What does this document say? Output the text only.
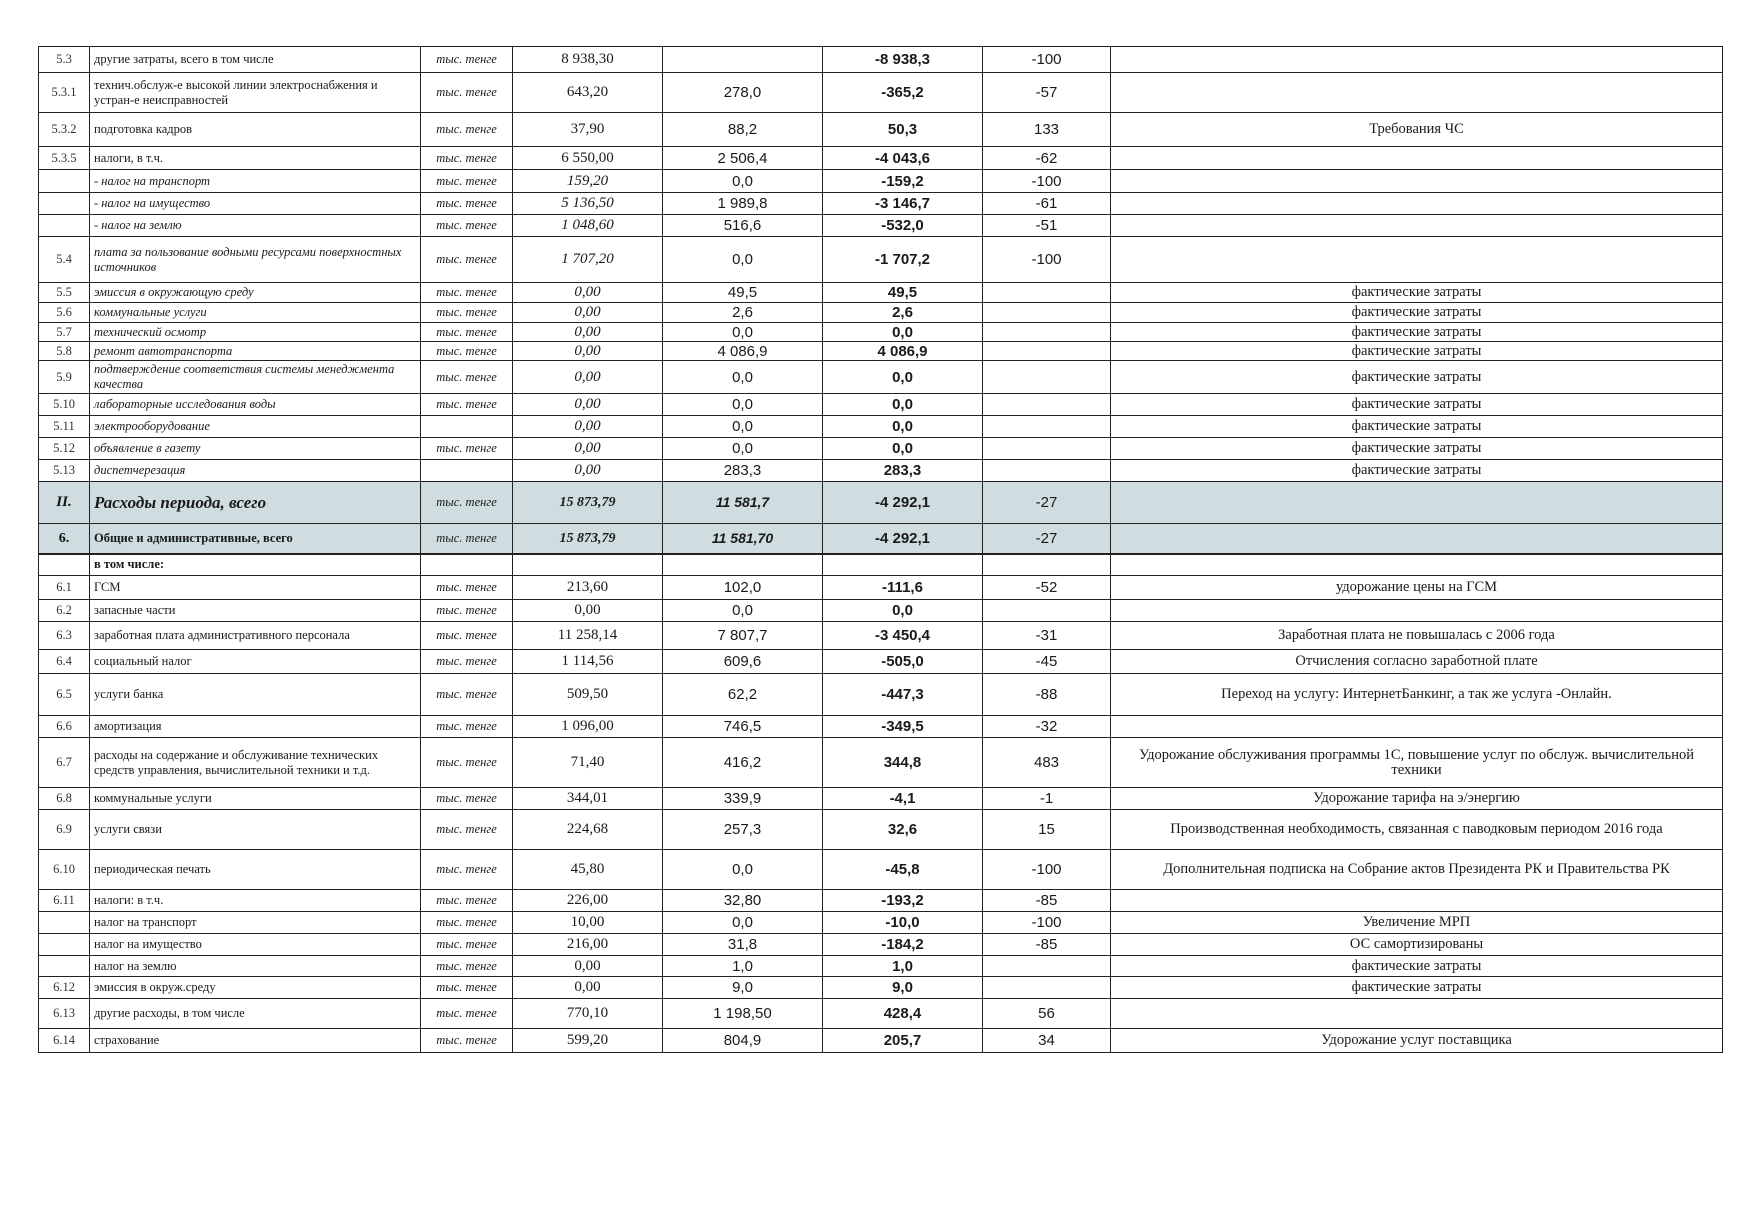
5.3	другие затраты, всего в том числе	тыс. тенге	8 938,30		-8 938,3	-100	
5.3.1	технич.обслуж-е высокой линии электроснабжения и устран-е неисправностей	тыс. тенге	643,20	278,0	-365,2	-57	
5.3.2	подготовка кадров	тыс. тенге	37,90	88,2	50,3	133	Требования ЧС
5.3.5	налоги, в т.ч.	тыс. тенге	6 550,00	2 506,4	-4 043,6	-62	
	- налог на транспорт	тыс. тенге	159,20	0,0	-159,2	-100	
	- налог на имущество	тыс. тенге	5 136,50	1 989,8	-3 146,7	-61	
	- налог на землю	тыс. тенге	1 048,60	516,6	-532,0	-51	
5.4	плата за пользование водными ресурсами поверхностных источников	тыс. тенге	1 707,20	0,0	-1 707,2	-100	
5.5	эмиссия в окружающую среду	тыс. тенге	0,00	49,5	49,5		фактические затраты
5.6	коммунальные услуги	тыс. тенге	0,00	2,6	2,6		фактические затраты
5.7	технический осмотр	тыс. тенге	0,00	0,0	0,0		фактические затраты
5.8	ремонт автотранспорта	тыс. тенге	0,00	4 086,9	4 086,9		фактические затраты
5.9	подтверждение соответствия системы менеджмента качества	тыс. тенге	0,00	0,0	0,0		фактические затраты
5.10	лабораторные исследования воды	тыс. тенге	0,00	0,0	0,0		фактические затраты
5.11	электрооборудование		0,00	0,0	0,0		фактические затраты
5.12	объявление в газету	тыс. тенге	0,00	0,0	0,0		фактические затраты
5.13	диспетчерезация		0,00	283,3	283,3		фактические затраты
II.	Расходы периода, всего	тыс. тенге	15 873,79	11 581,7	-4 292,1	-27	
6.	Общие и административные, всего	тыс. тенге	15 873,79	11 581,70	-4 292,1	-27	
	в том числе:						
6.1	ГСМ	тыс. тенге	213,60	102,0	-111,6	-52	удорожание цены на ГСМ
6.2	запасные части	тыс. тенге	0,00	0,0	0,0		
6.3	заработная плата административного персонала	тыс. тенге	11 258,14	7 807,7	-3 450,4	-31	Заработная плата не повышалась с 2006 года
6.4	социальный налог	тыс. тенге	1 114,56	609,6	-505,0	-45	Отчисления согласно заработной плате
6.5	услуги банка	тыс. тенге	509,50	62,2	-447,3	-88	Переход на услугу: ИнтернетБанкинг, а так же услуга -Онлайн.
6.6	амортизация	тыс. тенге	1 096,00	746,5	-349,5	-32	
6.7	расходы на содержание и обслуживание технических средств управления, вычислительной техники и т.д.	тыс. тенге	71,40	416,2	344,8	483	Удорожание обслуживания программы 1С, повышение услуг по обслуж. вычислительной техники
6.8	коммунальные услуги	тыс. тенге	344,01	339,9	-4,1	-1	Удорожание тарифа на э/энергию
6.9	услуги связи	тыс. тенге	224,68	257,3	32,6	15	Производственная необходимость, связанная с паводковым периодом 2016 года
6.10	периодическая печать	тыс. тенге	45,80	0,0	-45,8	-100	Дополнительная подписка на Собрание актов Президента РК и Правительства РК
6.11	налоги: в т.ч.	тыс. тенге	226,00	32,80	-193,2	-85	
	налог на транспорт	тыс. тенге	10,00	0,0	-10,0	-100	Увеличение МРП
	налог на имущество	тыс. тенге	216,00	31,8	-184,2	-85	ОС самортизированы
	налог на землю	тыс. тенге	0,00	1,0	1,0		фактические затраты
6.12	эмиссия в окруж.среду	тыс. тенге	0,00	9,0	9,0		фактические затраты
6.13	другие расходы, в том числе	тыс. тенге	770,10	1 198,50	428,4	56	
6.14	страхование	тыс. тенге	599,20	804,9	205,7	34	Удорожание услуг поставщика
